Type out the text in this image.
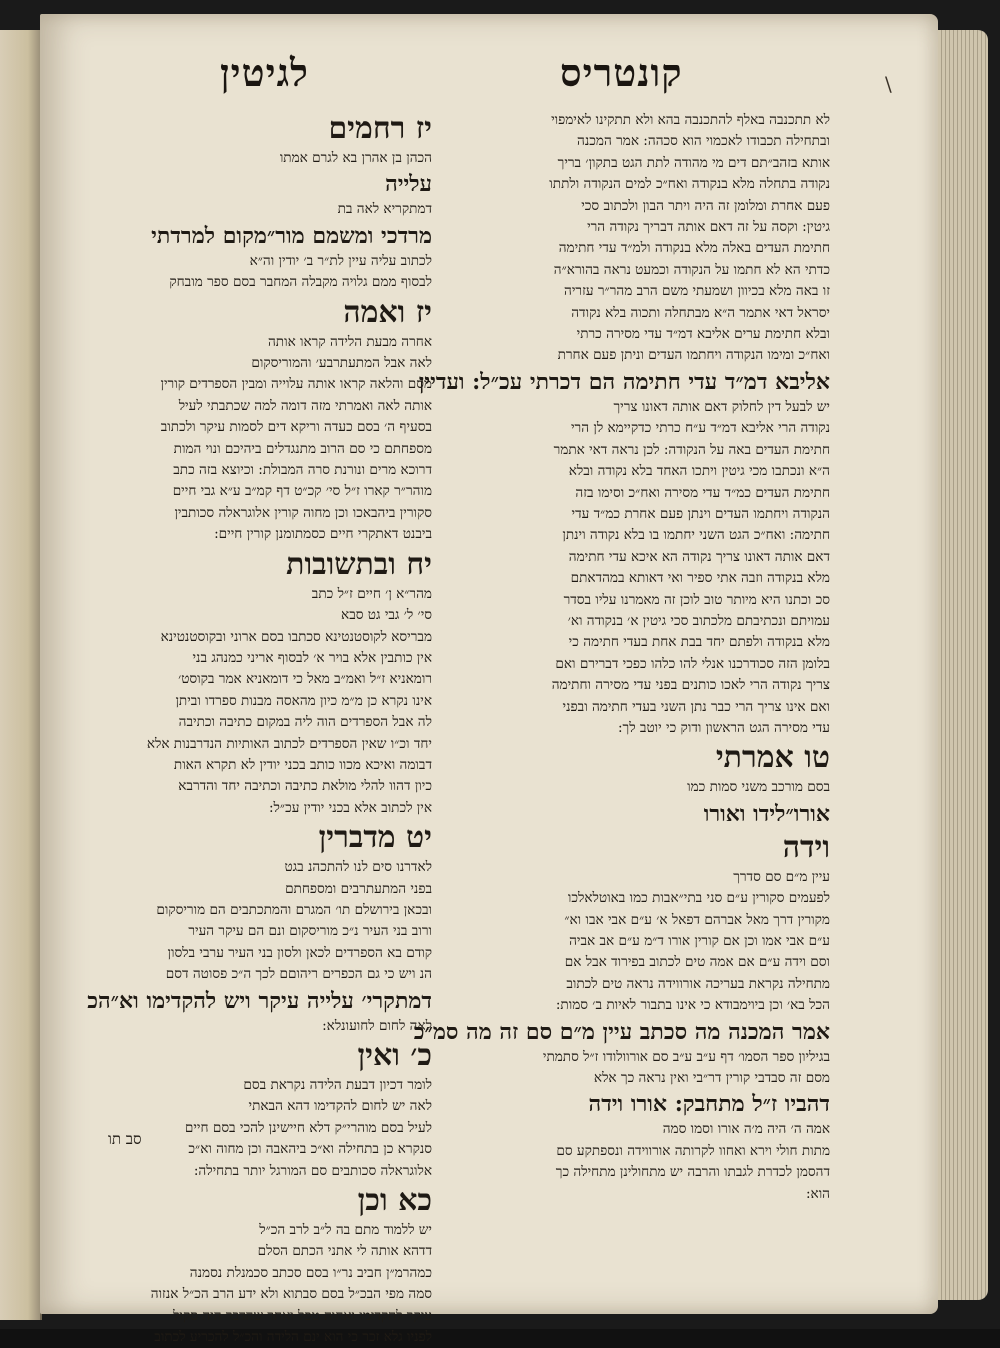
\
לגיטין	קונטריס
יז רחמים
הכהן בן אהרן בא לגרם אמתו
עלייה
דמתקריא לאה בת
מרדכי ומשמם מור״מקום למרדתי
לכתוב עליה עיין לת״ר ב׳ יודין וה״א
לבסוף ממם גלויה מקבלה המחבר בסם ספר מובחק
יז ואמה
אחרה מבעת הלידה קראו אותה
לאה אבל המתעתרבע׳ והמוריסקום
מסם והלאה קראו אותה עלוייה ומבין הספרדים קורין
אותה לאה ואמרתי מזה דומה למה שכתבתי לעיל
בסעיף ה׳ בסם כעדה וריקא דים לסמות עיקר ולכתוב
מספחתם כי סם הרוב מתנגדלים ביהיכם ונוי המות
דרוכא מרים ונורנת סרה המבולת: וכיוצא בזה כתב
מוהר״ר קארו ז״ל סי׳ קכ״ט דף קמ״ב ע״א גבי חיים
סקורין ביהבאכו וכן מחוה קורין אלוגראלה סכותבין
ביבנט דאתקרי חיים כסמתומנן קורין חיים:
יח ובתשובות
מהר״א ן׳ חיים ז״ל כתב
סי׳ ל׳ גבי גט סבא
מבריסא לקוסטנטינא סכתבו בסם ארוני ובקוסטנטינא
אין כותבין אלא בויר א׳ לבסוף אריני כמנהג בני
רומאניא ז״ל ואמ״ב מאל כי דומאניא אמר בקוסט׳
אינו נקרא כן מ״מ כיון מהאסה מבנות ספרדו וביתן
לה אבל הספרדים הוה ליה במקום כתיבה וכתיבה
יחד וכ״ו שאין הספרדים לכתוב האותיות הנדרבנות אלא
דבומה ואיכא מכוו כותב בכני יודין לא תקרא האות
כיון דהוו להלי מולאת כתיבה וכתיבה יחד והדרבא
אין לכתוב אלא בכני יודין עכ״ל:
יט מדברין
לאדרנו סים לנו להתכהנ בגט
בפני המתעתרבים ומספחתם
ובכאן בירושלם תו׳ המגרם והמתכתבים הם מוריסקום
ורוב בני העיר נ״כ מוריסקום ונם הם עיקר העיר
קודם בא הספרדים לכאן ולסון בני העיר ערבי בלסון
הנ ויש כי גם הכפרים ריהוםם לכך ה״כ פסוטה דסם
דמתקרי׳ עלייה עיקר ויש להקדימו וא״הכ
לאה לחום לחועונלא:
כ׳ ואין
לומר דכיון דבעת הלידה נקראת בסם
לאה יש לחום להקדימו דהא הבאתי
לעיל בסם מוהרי״ק דלא חיישינן להכי בסם חיים
סנקרא כן בתחילה וא״כ ביהאבה וכן מחוה וא״כ
אלוגראלה סכותבים סם המורגל יותר בתחילה:
כא וכן
יש ללמוד מתם בה ל״ב לרב הכ״ל
דדהא אותה לי אתני הכתם הסלם
כמהרמ״ן חביב נר״ו בסם סכתב סכמנלת נסמנה
סמה מפי הבכ״ל בסם סבתוא ולא ידע הרב הכ״ל אנזוה
עיקר להקדימו ואחוה טפל ואחר שהדבר היה סקול
לפניו גלא זכר כי הוא ינם הלידה והכ״ל להכריע לכתוב
לא תתכנבה באלף להתכנבה בהא ולא תתקינו לאימפוי
ובתחילה תכבודו לאכמוי הוא סכהה: אמר המכנה
אותא בזהב״תם דים מי מהודה לתת הגט בתקון׳ בריך
נקודה בתחלה מלא בנקודה ואח״כ למים הנקודה ולתתו
פעם אחרת ומלומן זה היה ויתר הבון ולכתוב סכי
גיטין: וקסה על זה דאם אותה דבריך נקודה הרי
חתימת העדים באלה מלא בנקודה ולמ״ד עדי חתימה
כדתי הא לא חתמו על הנקודה וכמעט נראה בהורא״ה
זו באה מלא בכיוון ושמעתי משם הרב מהר״ר עזריה
יסראל דאי אתמר ה״א מבתחלה ותכוה בלא נקודה
ובלא חתימת ערים אליבא דמ״ד עדי מסירה כרתי
ואח״כ ומימו הנקודה ויחתמו העדים וניתן פעם אחרת
אליבא דמ״ד עדי חתימה הם דכרתי עכ״ל: ועדיין
יש לבעל דין לחלוק דאם אותה דאונו צריך
נקודה הרי אליבא דמ״ד ע״ח כרתי כדקיימא לן הרי
חתימת העדים באה על הנקודה: לכן נראה דאי אתמר
ה״א ונכתבו מכי גיטין ויתכו האחד בלא נקודה ובלא
חתימת העדים כמ״ד עדי מסירה ואח״כ וסימו בזה
הנקודה ויחתמו העדים וינתן פעם אחרת כמ״ד עדי
חתימה: ואח״כ הגט השני יחתמו בו בלא נקודה וינתן
דאם אותה דאונו צריך נקודה הא איכא עדי חתימה
מלא בנקודה וזבה אתי ספיר ואי דאותא במהדאתם
סכ וכתנו היא מיותר טוב לוכן זה מאמרנו עליו בסדר
עמויתם ונכתיבתם מלכתוב סכי גיטין א׳ בנקודה וא׳
מלא בנקודה ולפתם יחד בבת אחת בעדי חתימה כי
בלומן הזה סכודרכנו אנלי להו כלהו כפכי דברירם ואם
צריך נקודה הרי לאכו כותנים בפני עדי מסירה וחתימה
ואם אינו צריך הרי כבר נתן השני בעדי חתימה ובפני
עדי מסירה הגט הראשון ודוק כי יוטב לך:
טו אמרתי
בסם מורכב משני סמות כמו
אורו״לידו ואורו
וידה
עיין מ״ם סם סדרך
לפעמים סקורין ע״ם סני בתי״אבות כמו באוטלאלכו
מקורין דרך מאל אברהם דפאל א׳ ע״ם אבי אבו וא״
ע״ם אבי אמו וכן אם קורין אורו ד״מ ע״ם אב אביה
וסם וידה ע״ם אם אמה טים לכתוב בפירוד אבל אם
מתחילה נקראת בעריכה אורווידה נראה טים לכתוב
הכל בא׳ וכן ביוימבודא כי אינו בתבור לאיות ב׳ סמות:
אמר המכנה מה סכתב עיין מ״ם סם זה מה סמ״כ
בגיליון ספר הסמו׳ דף ע״ב ע״ב סם אורוולודו ז״ל סתמתי
מסם זה סבדבי קורין דר״בי ואין נראה כך אלא
דהביו ז״ל מתחבק: אורו וידה
אמה ה׳ היה מ׳ה אורו וסמו סמה
מתות חולי וירא ואחוו לקרותה אורווידה ונספתקע סם
דהסמן לכדרת לגבתו והרבה יש מתחולינן מתחילה כך
הוא:
סב תו
